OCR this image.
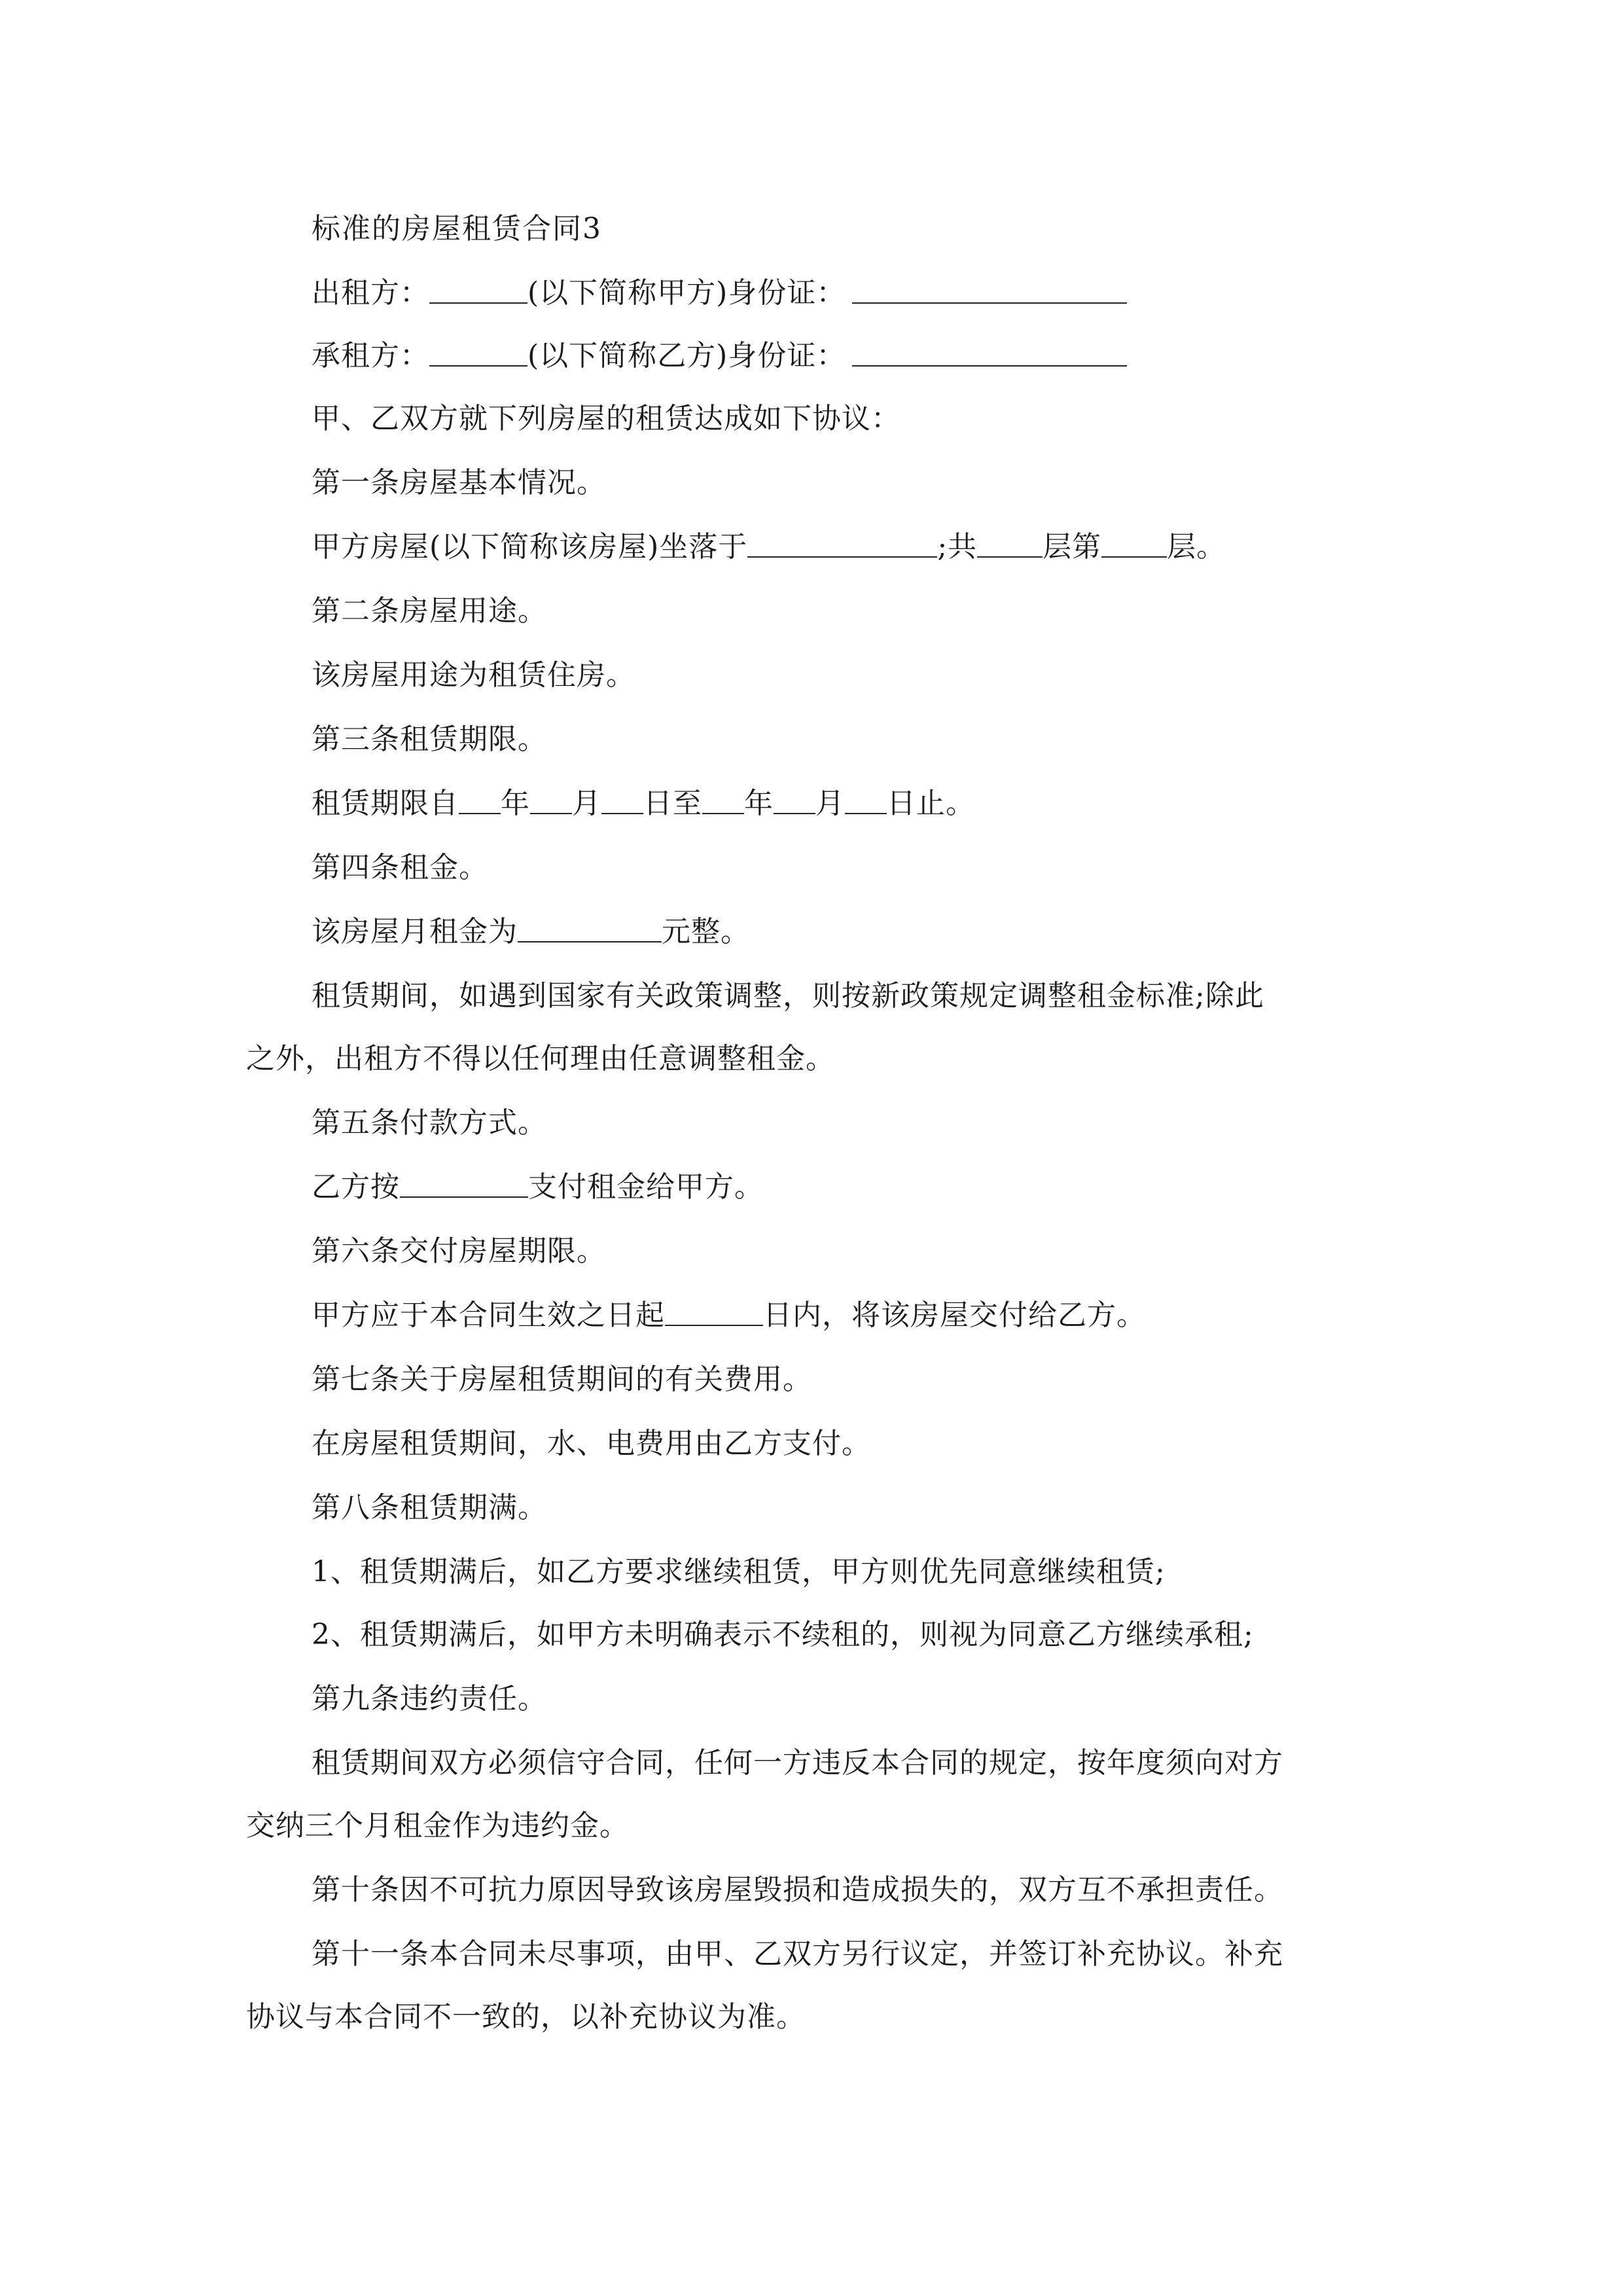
标准的房屋租赁合同3
出租方：	(以下简称甲方)身份证：
承租方：	(以下简称乙方)身份证：
甲、乙双方就下列房屋的租赁达成如下协议：
第一条房屋基本情况。
甲方房屋(以下简称该房屋)坐落于	;共 层第 层。
第二条房屋用途。
该房屋用途为租赁住房。
第三条租赁期限。
租赁期限自 年 月 日至 年 月 日止。
第四条租金。
该房屋月租金为	元整。
租赁期间，如遇到国家有关政策调整，则按新政策规定调整租金标准;除此
之外，出租方不得以任何理由任意调整租金。
第五条付款方式。
乙方按	支付租金给甲方。
第六条交付房屋期限。
甲方应于本合同生效之日起	日内，将该房屋交付给乙方。
第七条关于房屋租赁期间的有关费用。
在房屋租赁期间，水、电费用由乙方支付。
第八条租赁期满。
1、租赁期满后，如乙方要求继续租赁，甲方则优先同意继续租赁;
2、租赁期满后，如甲方未明确表示不续租的，则视为同意乙方继续承租;
第九条违约责任。
租赁期间双方必须信守合同，任何一方违反本合同的规定，按年度须向对方
交纳三个月租金作为违约金。
第十条因不可抗力原因导致该房屋毁损和造成损失的，双方互不承担责任。
第十一条本合同未尽事项，由甲、乙双方另行议定，并签订补充协议。补充
协议与本合同不一致的，以补充协议为准。
